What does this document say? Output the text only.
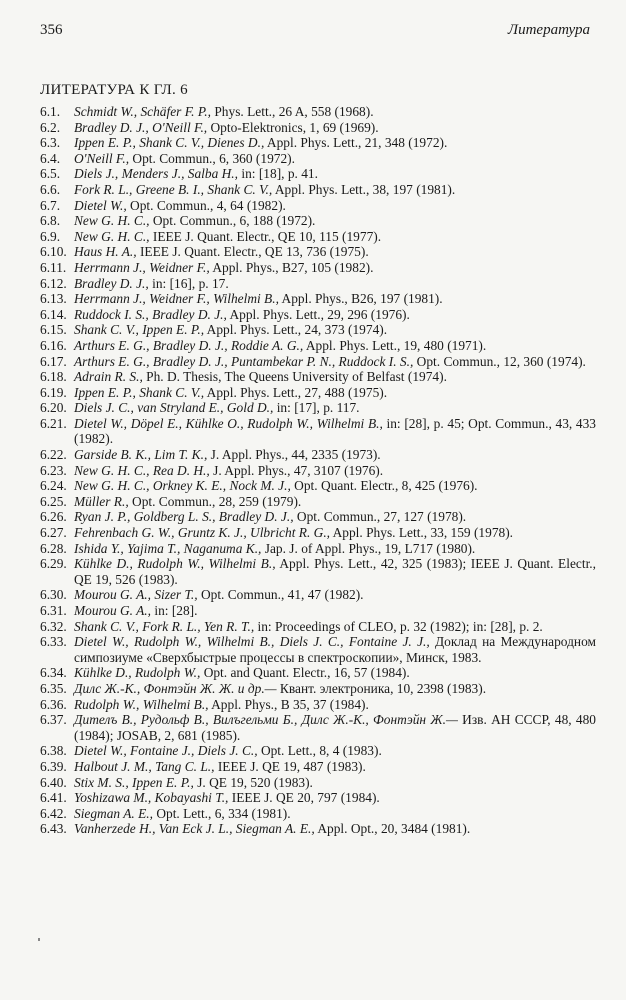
356	Литература
ЛИТЕРАТУРА К ГЛ. 6
6.1.	Schmidt W., Schäfer F. P., Phys. Lett., 26 A, 558 (1968).
6.2.	Bradley D. J., O'Neill F., Opto-Elektronics, 1, 69 (1969).
6.3.	Ippen E. P., Shank C. V., Dienes D., Appl. Phys. Lett., 21, 348 (1972).
6.4.	O'Neill F., Opt. Commun., 6, 360 (1972).
6.5.	Diels J., Menders J., Salba H., in: [18], p. 41.
6.6.	Fork R. L., Greene B. I., Shank C. V., Appl. Phys. Lett., 38, 197 (1981).
6.7.	Dietel W., Opt. Commun., 4, 64 (1982).
6.8.	New G. H. C., Opt. Commun., 6, 188 (1972).
6.9.	New G. H. C., IEEE J. Quant. Electr., QE 10, 115 (1977).
6.10. Haus H. A., IEEE J. Quant. Electr., QE 13, 736 (1975).
6.11. Herrmann J., Weidner F., Appl. Phys., B27, 105 (1982).
6.12. Bradley D. J., in: [16], p. 17.
6.13. Herrmann J., Weidner F., Wilhelmi B., Appl. Phys., B26, 197 (1981).
6.14. Ruddock I. S., Bradley D. J., Appl. Phys. Lett., 29, 296 (1976).
6.15. Shank C. V., Ippen E. P., Appl. Phys. Lett., 24, 373 (1974).
6.16. Arthurs E. G., Bradley D. J., Roddie A. G., Appl. Phys. Lett., 19, 480 (1971).
6.17. Arthurs E. G., Bradley D. J., Puntambekar P. N., Ruddock I. S., Opt. Commun., 12, 360 (1974).
6.18. Adrain R. S., Ph. D. Thesis, The Queens University of Belfast (1974).
6.19. Ippen E. P., Shank C. V., Appl. Phys. Lett., 27, 488 (1975).
6.20. Diels J. C., van Stryland E., Gold D., in: [17], p. 117.
6.21. Dietel W., Döpel E., Kühlke O., Rudolph W., Wilhelmi B., in: [28], p. 45; Opt. Commun., 43, 433 (1982).
6.22. Garside B. K., Lim T. K., J. Appl. Phys., 44, 2335 (1973).
6.23. New G. H. C., Rea D. H., J. Appl. Phys., 47, 3107 (1976).
6.24. New G. H. C., Orkney K. E., Nock M. J., Opt. Quant. Electr., 8, 425 (1976).
6.25. Müller R., Opt. Commun., 28, 259 (1979).
6.26. Ryan J. P., Goldberg L. S., Bradley D. J., Opt. Commun., 27, 127 (1978).
6.27. Fehrenbach G. W., Gruntz K. J., Ulbricht R. G., Appl. Phys. Lett., 33, 159 (1978).
6.28. Ishida Y., Yajima T., Naganuma K., Jap. J. of Appl. Phys., 19, L717 (1980).
6.29. Kühlke D., Rudolph W., Wilhelmi B., Appl. Phys. Lett., 42, 325 (1983); IEEE J. Quant. Electr., QE 19, 526 (1983).
6.30. Mourou G. A., Sizer T., Opt. Commun., 41, 47 (1982).
6.31. Mourou G. A., in: [28].
6.32. Shank C. V., Fork R. L., Yen R. T., in: Proceedings of CLEO, p. 32 (1982); in: [28], p. 2.
6.33. Dietel W., Rudolph W., Wilhelmi B., Diels J. C., Fontaine J. J., Доклад на Международном симпозиуме «Сверхбыстрые процессы в спектроскопии», Минск, 1983.
6.34. Kühlke D., Rudolph W., Opt. and Quant. Electr., 16, 57 (1984).
6.35. Дилс Ж.-К., Фонтэйн Ж. Ж. и др.— Квант. электроника, 10, 2398 (1983).
6.36. Rudolph W., Wilhelmi B., Appl. Phys., B 35, 37 (1984).
6.37. Дителъ В., Рудольф В., Вилъгельми Б., Дилс Ж.-К., Фонтэйн Ж.— Изв. АН СССР, 48, 480 (1984); JOSAB, 2, 681 (1985).
6.38. Dietel W., Fontaine J., Diels J. C., Opt. Lett., 8, 4 (1983).
6.39. Halbout J. M., Tang C. L., IEEE J. QE 19, 487 (1983).
6.40. Stix M. S., Ippen E. P., J. QE 19, 520 (1983).
6.41. Yoshizawa M., Kobayashi T., IEEE J. QE 20, 797 (1984).
6.42. Siegman A. E., Opt. Lett., 6, 334 (1981).
6.43. Vanherzede H., Van Eck J. L., Siegman A. E., Appl. Opt., 20, 3484 (1981).
